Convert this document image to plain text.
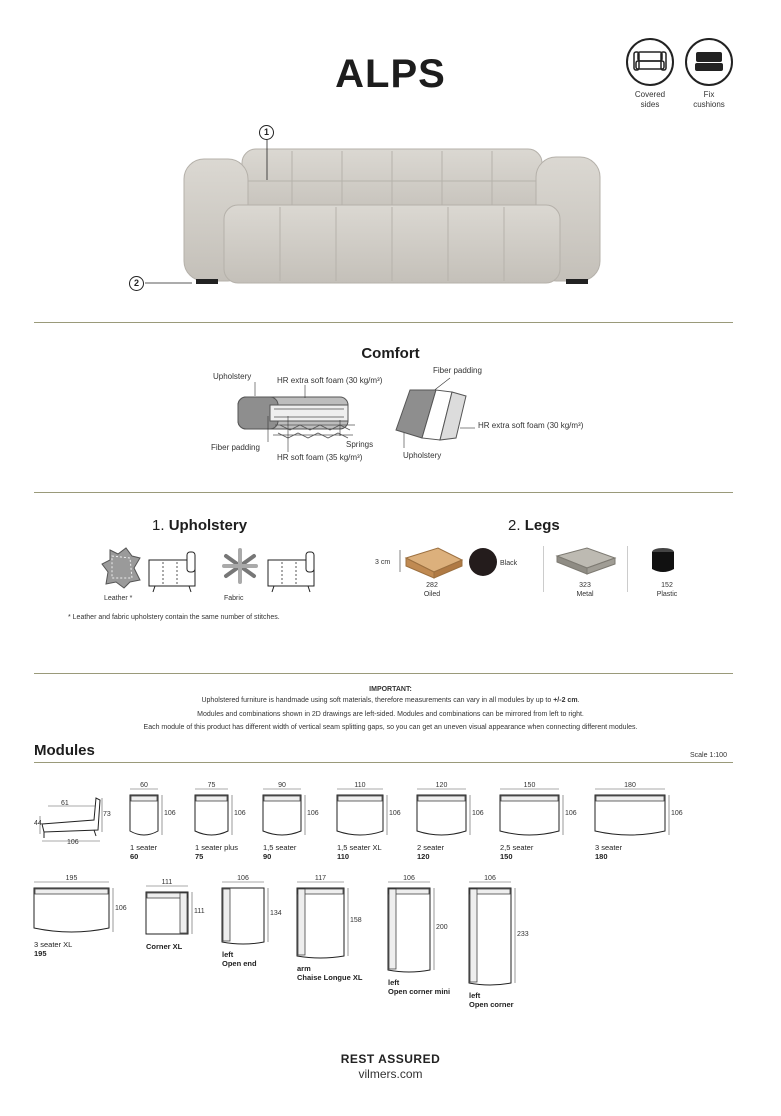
ALPS	Covered
sides
Fix
cushions
1
2
Comfort
Upholstery	HR extra soft foam (30 kg/m³)
Fiber padding
HR soft foam (35 kg/m³)
Springs
Fiber padding
HR extra soft foam (30 kg/m³)
Upholstery
1. Upholstery
Leather *	Fabric
* Leather and fabric upholstery contain the same number of stitches.
2. Legs
3 cm
282
Oiled
Black
323
Metal
152
Plastic
IMPORTANT:
Upholstered furniture is handmade using soft materials, therefore measurements can vary in all modules by up to +/-2 cm.
Modules and combinations shown in 2D drawings are left-sided. Modules and combinations can be mirrored from left to right.
Each module of this product has different width of vertical seam splitting gaps, so you can get an uneven visual appearance when connecting different modules.
Modules	Scale 1:100
61
73
44
106
REST ASSURED
vilmers.com
60
106
1 seater
60
75
106
1 seater plus
75
90
106
1,5 seater
90
110
106
1,5 seater XL
110
120
106
2 seater
120
150
106
2,5 seater
150
180
106
3 seater
180
195
106
3 seater XL
195
111
111
Corner XL
106
134
left
Open end
117
158
arm
Chaise Longue XL
106
200
left
Open corner mini
106
233
left
Open corner
